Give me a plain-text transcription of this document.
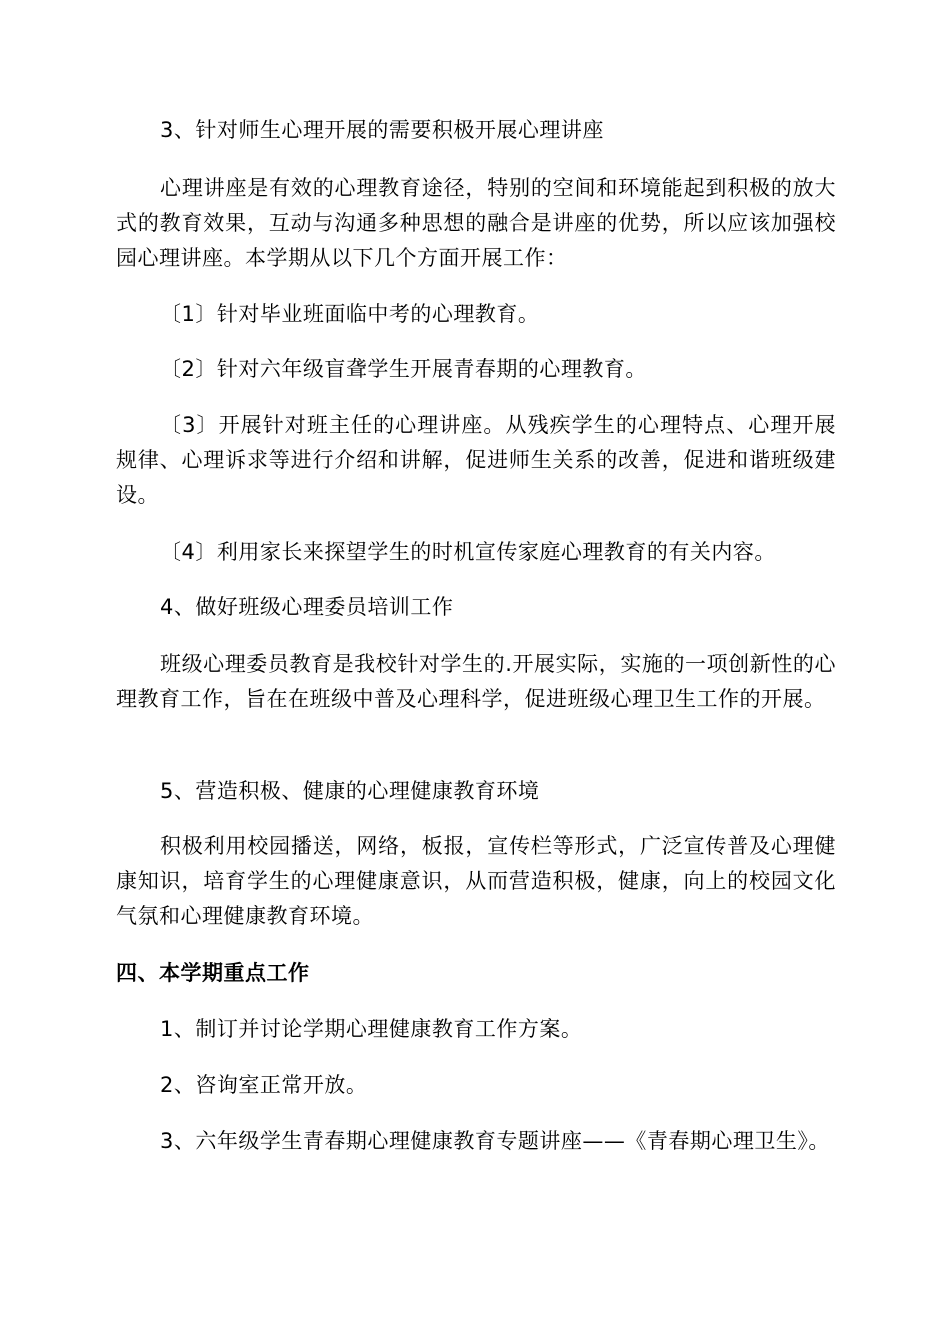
3、针对师生心理开展的需要积极开展心理讲座

心理讲座是有效的心理教育途径，特别的空间和环境能起到积极的放大式的教育效果，互动与沟通多种思想的融合是讲座的优势，所以应该加强校园心理讲座。本学期从以下几个方面开展工作：

〔1〕针对毕业班面临中考的心理教育。

〔2〕针对六年级盲聋学生开展青春期的心理教育。

〔3〕开展针对班主任的心理讲座。从残疾学生的心理特点、心理开展规律、心理诉求等进行介绍和讲解，促进师生关系的改善，促进和谐班级建设。

〔4〕利用家长来探望学生的时机宣传家庭心理教育的有关内容。

4、做好班级心理委员培训工作

班级心理委员教育是我校针对学生的.开展实际，实施的一项创新性的心理教育工作，旨在在班级中普及心理科学，促进班级心理卫生工作的开展。

5、营造积极、健康的心理健康教育环境

积极利用校园播送，网络，板报，宣传栏等形式，广泛宣传普及心理健康知识，培育学生的心理健康意识，从而营造积极，健康，向上的校园文化气氛和心理健康教育环境。

四、本学期重点工作

1、制订并讨论学期心理健康教育工作方案。

2、咨询室正常开放。

3、六年级学生青春期心理健康教育专题讲座——《青春期心理卫生》。
